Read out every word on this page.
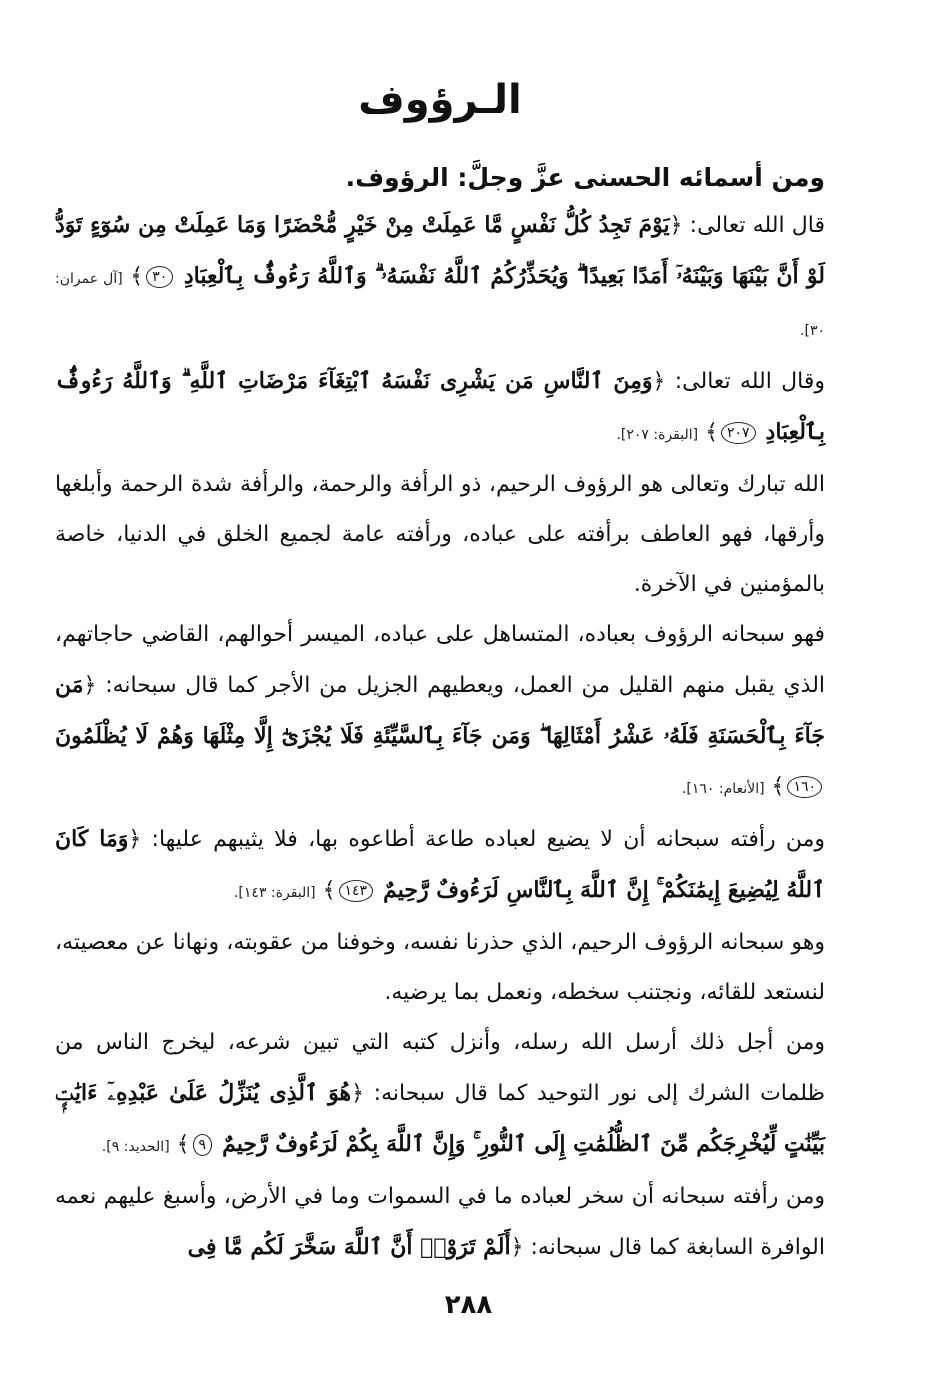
الـرؤوف

ومن أسمائه الحسنى عزَّ وجلَّ: الرؤوف.

قال الله تعالى: ﴿يَوْمَ تَجِدُ كُلُّ نَفْسٍ مَّا عَمِلَتْ مِنْ خَيْرٍ مُّحْضَرًا وَمَا عَمِلَتْ مِن سُوٓءٍ تَوَدُّ لَوْ أَنَّ بَيْنَهَا وَبَيْنَهُۥٓ أَمَدًا بَعِيدًا ۗ وَيُحَذِّرُكُمُ ٱللَّهُ نَفْسَهُۥ ۗ وَٱللَّهُ رَءُوفٌۢ بِٱلْعِبَادِ ٣٠﴾ [آل عمران: ٣٠].

وقال الله تعالى: ﴿وَمِنَ ٱلنَّاسِ مَن يَشْرِى نَفْسَهُ ٱبْتِغَآءَ مَرْضَاتِ ٱللَّهِ ۗ وَٱللَّهُ رَءُوفٌۢ بِٱلْعِبَادِ ٢٠٧﴾ [البقرة: ٢٠٧].

الله تبارك وتعالى هو الرؤوف الرحيم، ذو الرأفة والرحمة، والرأفة شدة الرحمة وأبلغها وأرقها، فهو العاطف برأفته على عباده، ورأفته عامة لجميع الخلق في الدنيا، خاصة بالمؤمنين في الآخرة.

فهو سبحانه الرؤوف بعباده، المتساهل على عباده، الميسر أحوالهم، القاضي حاجاتهم، الذي يقبل منهم القليل من العمل، ويعطيهم الجزيل من الأجر كما قال سبحانه: ﴿مَن جَآءَ بِٱلْحَسَنَةِ فَلَهُۥ عَشْرُ أَمْثَالِهَا ۖ وَمَن جَآءَ بِٱلسَّيِّئَةِ فَلَا يُجْزَىٰٓ إِلَّا مِثْلَهَا وَهُمْ لَا يُظْلَمُونَ ١٦٠﴾ [الأنعام: ١٦٠].

ومن رأفته سبحانه أن لا يضيع لعباده طاعة أطاعوه بها، فلا يثيبهم عليها: ﴿وَمَا كَانَ ٱللَّهُ لِيُضِيعَ إِيمَٰنَكُمْ ۚ إِنَّ ٱللَّهَ بِٱلنَّاسِ لَرَءُوفٌ رَّحِيمٌ ١٤٣﴾ [البقرة: ١٤٣].

وهو سبحانه الرؤوف الرحيم، الذي حذرنا نفسه، وخوفنا من عقوبته، ونهانا عن معصيته، لنستعد للقائه، ونجتنب سخطه، ونعمل بما يرضيه.

ومن أجل ذلك أرسل الله رسله، وأنزل كتبه التي تبين شرعه، ليخرج الناس من ظلمات الشرك إلى نور التوحيد كما قال سبحانه: ﴿هُوَ ٱلَّذِى يُنَزِّلُ عَلَىٰ عَبْدِهِۦٓ ءَايَٰتٍۭ بَيِّنَٰتٍ لِّيُخْرِجَكُم مِّنَ ٱلظُّلُمَٰتِ إِلَى ٱلنُّورِ ۚ وَإِنَّ ٱللَّهَ بِكُمْ لَرَءُوفٌ رَّحِيمٌ ٩﴾ [الحديد: ٩].

ومن رأفته سبحانه أن سخر لعباده ما في السموات وما في الأرض، وأسبغ عليهم نعمه الوافرة السابغة كما قال سبحانه: ﴿أَلَمْ تَرَوْا۟ أَنَّ ٱللَّهَ سَخَّرَ لَكُم مَّا فِى

٢٨٨
